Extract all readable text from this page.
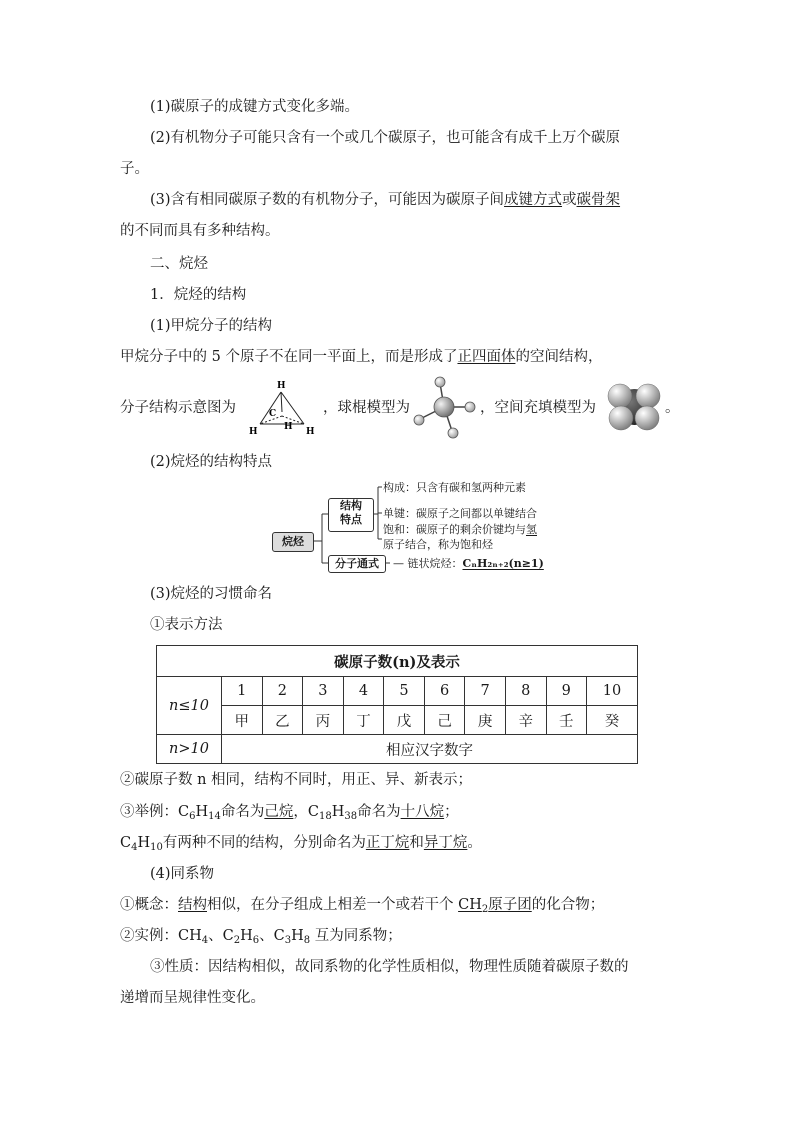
(1)碳原子的成键方式变化多端。
(2)有机物分子可能只含有一个或几个碳原子，也可能含有成千上万个碳原
子。
(3)含有相同碳原子数的有机物分子，可能因为碳原子间成键方式或碳骨架
的不同而具有多种结构。
二、烷烃
1．烷烃的结构
(1)甲烷分子的结构
甲烷分子中的 5 个原子不在同一平面上，而是形成了正四面体的空间结构，
分子结构示意图为
H
C
H	H H
，球棍模型为	，空间充填模型为	。
(2)烷烃的结构特点
烷烃
结构
特点
分子通式
构成：只含有碳和氢两种元素
单键：碳原子之间都以单键结合
饱和：碳原子的剩余价键均与氢
原子结合，称为饱和烃
— 链状烷烃：CₙH₂ₙ₊₂(n≥1)
(3)烷烃的习惯命名
①表示方法
碳原子数(n)及表示										
n≤10	1	2	3	4	5	6	7	8	9	10
	甲	乙	丙	丁	戊	己	庚	辛	壬	癸
n>10	相应汉字数字									
②碳原子数 n 相同，结构不同时，用正、异、新表示；
③举例：$C_6H_{14}$命名为己烷，$C_{18}H_{38}$命名为十八烷；
$C_4H_{10}$有两种不同的结构，分别命名为正丁烷和异丁烷。
(4)同系物
①概念：结构相似，在分子组成上相差一个或若干个 $CH_2$原子团的化合物；
②实例：$CH_4$、$C_2H_6$、$C_3H_8$ 互为同系物；
③性质：因结构相似，故同系物的化学性质相似，物理性质随着碳原子数的
递增而呈规律性变化。
